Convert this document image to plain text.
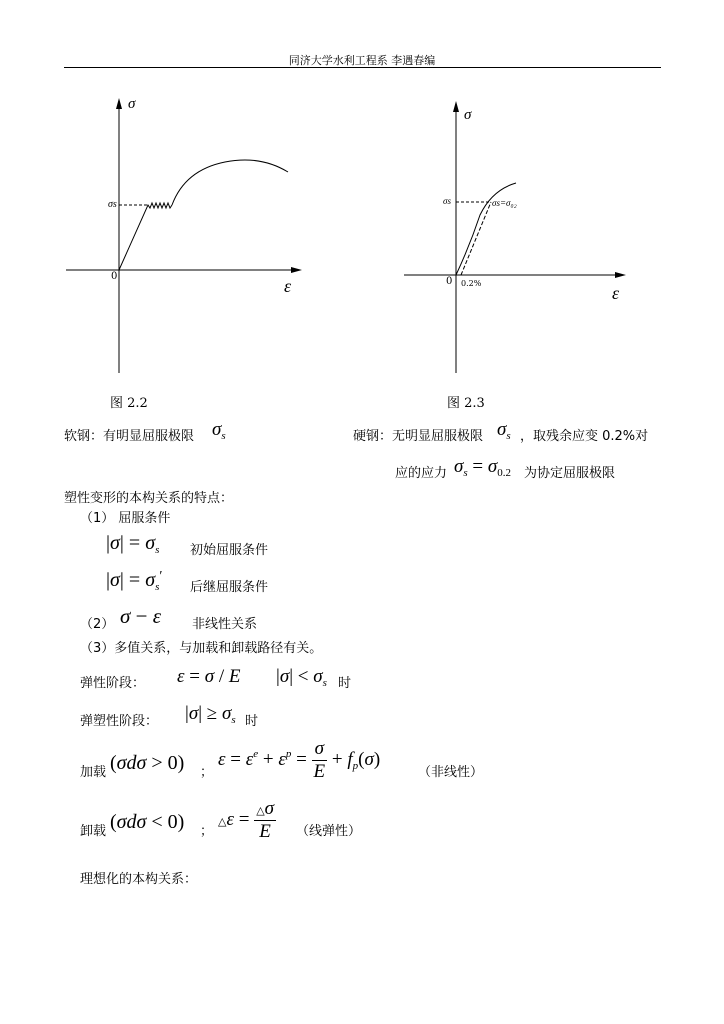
同济大学水利工程系 李遇春编
σ
σs
0	ε
图 2.2
σ
σs	σs=σ₀₂
0 0.2%	ε
图 2.3
软钢：有明显屈服极限 $\sigma_s$	硬钢：无明显屈服极限 $\sigma_s$ ，取残余应变 0.2%对
应的应力 $\sigma_s = \sigma_{0.2}$ 为协定屈服极限
塑性变形的本构关系的特点：
（1） 屈服条件
$|\sigma| = \sigma_s$ 初始屈服条件
$|\sigma| = \sigma_s'$
后继屈服条件
（2） σ − ε 非线性关系
（3）多值关系，与加载和卸载路径有关。
弹性阶段： ε = σ / E $|\sigma| < \sigma_s$ 时
弹塑性阶段： $|\sigma| \ge \sigma_s$ 时
加载 (σdσ > 0) ；
$\varepsilon = \varepsilon^e + \varepsilon^p = \frac{\sigma}{E} + f_p(\sigma)$
（非线性）
卸载 (σdσ < 0) ；
△ε = $\frac{\triangle\sigma}{E}$ （线弹性）
理想化的本构关系：
